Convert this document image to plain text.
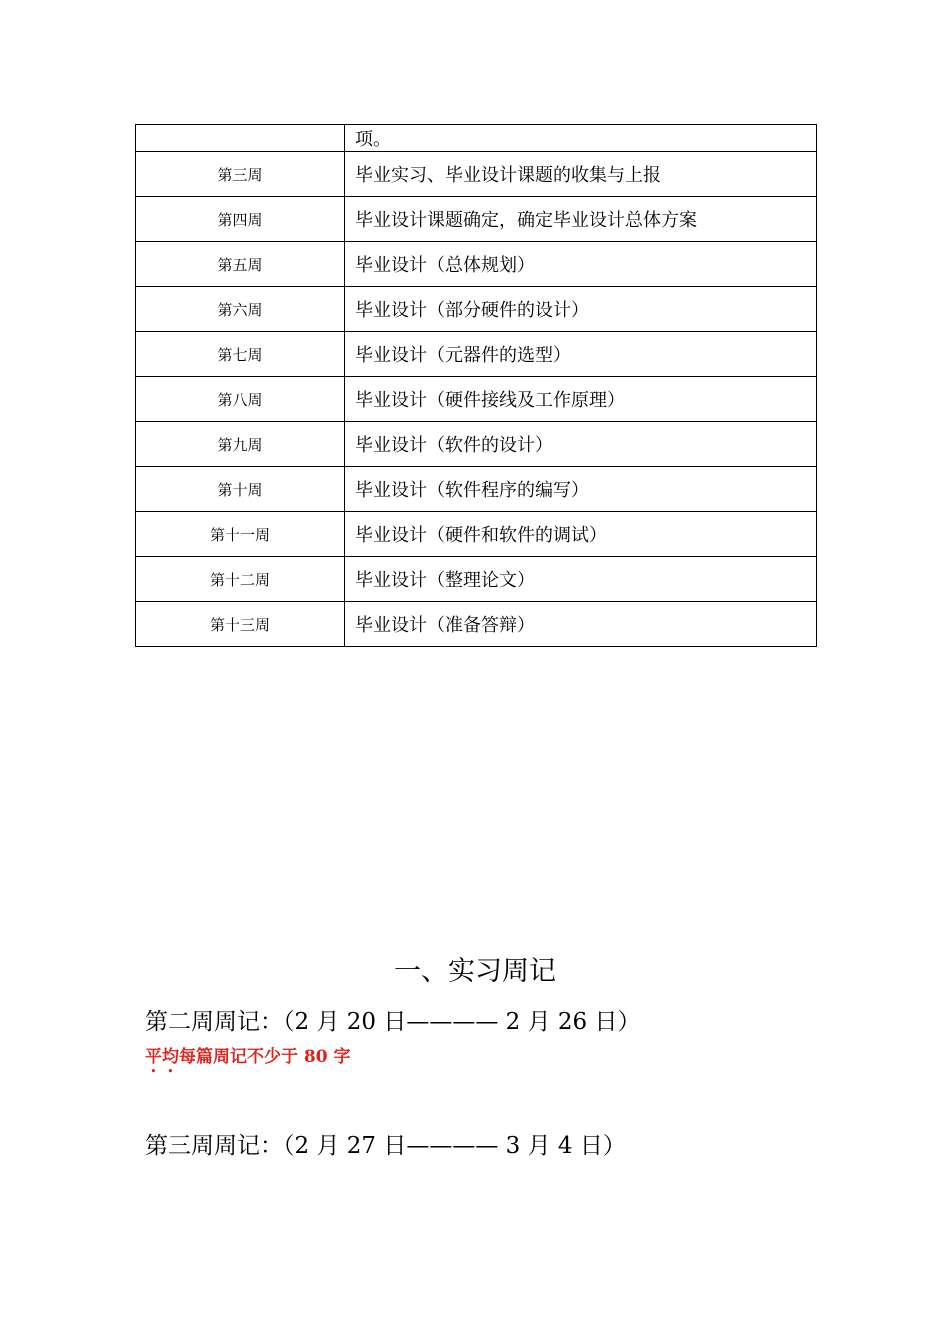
	项。
第三周	毕业实习、毕业设计课题的收集与上报
第四周	毕业设计课题确定，确定毕业设计总体方案
第五周	毕业设计（总体规划）
第六周	毕业设计（部分硬件的设计）
第七周	毕业设计（元器件的选型）
第八周	毕业设计（硬件接线及工作原理）
第九周	毕业设计（软件的设计）
第十周	毕业设计（软件程序的编写）
第十一周	毕业设计（硬件和软件的调试）
第十二周	毕业设计（整理论文）
第十三周	毕业设计（准备答辩）
一、实习周记
第二周周记：（2 月 20 日———— 2 月 26 日）
平均每篇周记不少于 80 字
第三周周记：（2 月 27 日———— 3 月 4 日）
